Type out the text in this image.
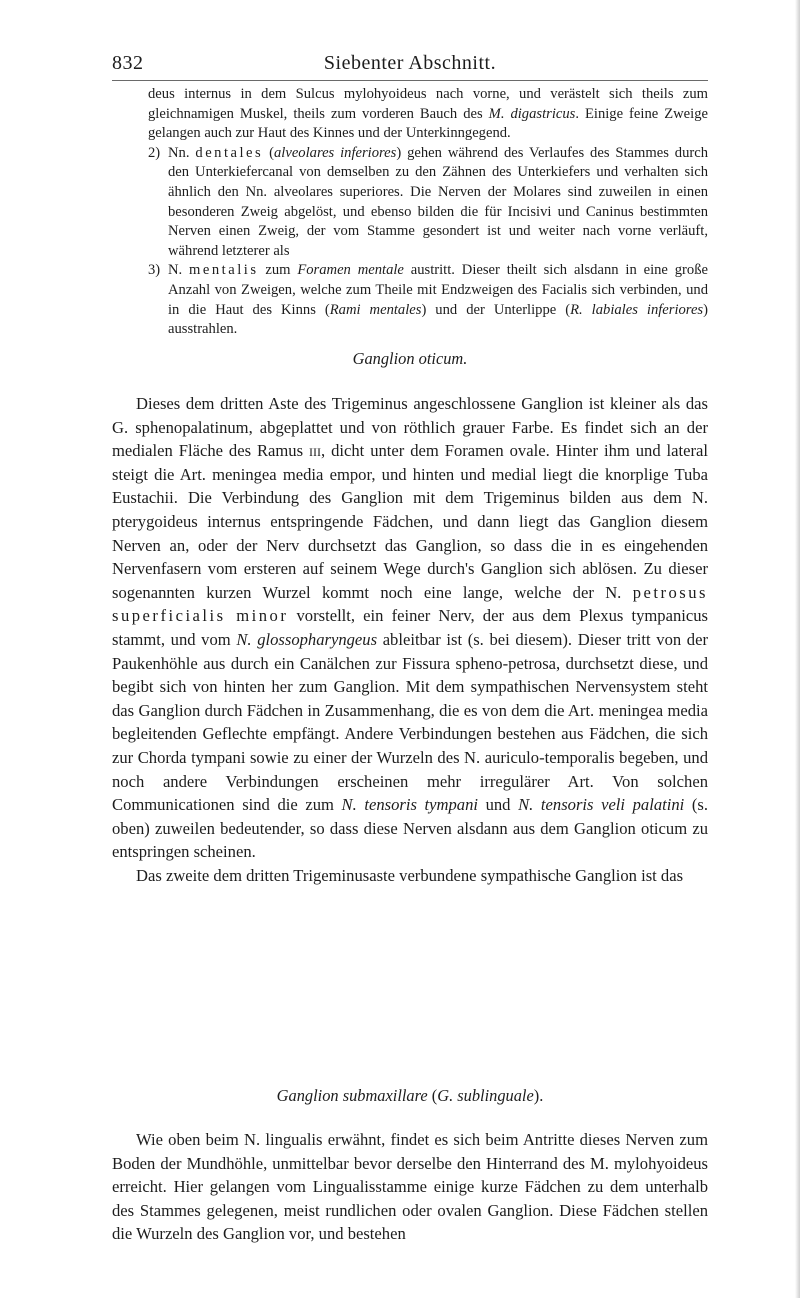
832	Siebenter Abschnitt.

deus internus in dem Sulcus mylohyoideus nach vorne, und verästelt sich theils zum gleichnamigen Muskel, theils zum vorderen Bauch des M. digastricus. Einige feine Zweige gelangen auch zur Haut des Kinnes und der Unterkinngegend.

2) Nn. dentales (alveolares inferiores) gehen während des Verlaufes des Stammes durch den Unterkiefercanal von demselben zu den Zähnen des Unterkiefers und verhalten sich ähnlich den Nn. alveolares superiores. Die Nerven der Molares sind zuweilen in einen besonderen Zweig abgelöst, und ebenso bilden die für Incisivi und Caninus bestimmten Nerven einen Zweig, der vom Stamme gesondert ist und weiter nach vorne verläuft, während letzterer als

3) N. mentalis zum Foramen mentale austritt. Dieser theilt sich alsdann in eine große Anzahl von Zweigen, welche zum Theile mit Endzweigen des Facialis sich verbinden, und in die Haut des Kinns (Rami mentales) und der Unterlippe (R. labiales inferiores) ausstrahlen.

Ganglion oticum.

Dieses dem dritten Aste des Trigeminus angeschlossene Ganglion ist kleiner als das G. sphenopalatinum, abgeplattet und von röthlich grauer Farbe. Es findet sich an der medialen Fläche des Ramus iii, dicht unter dem Foramen ovale. Hinter ihm und lateral steigt die Art. meningea media empor, und hinten und medial liegt die knorplige Tuba Eustachii. Die Verbindung des Ganglion mit dem Trigeminus bilden aus dem N. pterygoideus internus entspringende Fädchen, und dann liegt das Ganglion diesem Nerven an, oder der Nerv durchsetzt das Ganglion, so dass die in es eingehenden Nervenfasern vom ersteren auf seinem Wege durch's Ganglion sich ablösen. Zu dieser sogenannten kurzen Wurzel kommt noch eine lange, welche der N. petrosus superficialis minor vorstellt, ein feiner Nerv, der aus dem Plexus tympanicus stammt, und vom N. glossopharyngeus ableitbar ist (s. bei diesem). Dieser tritt von der Paukenhöhle aus durch ein Canälchen zur Fissura spheno-petrosa, durchsetzt diese, und begibt sich von hinten her zum Ganglion. Mit dem sympathischen Nervensystem steht das Ganglion durch Fädchen in Zusammenhang, die es von dem die Art. meningea media begleitenden Geflechte empfängt. Andere Verbindungen bestehen aus Fädchen, die sich zur Chorda tympani sowie zu einer der Wurzeln des N. auriculo-temporalis begeben, und noch andere Verbindungen erscheinen mehr irregulärer Art. Von solchen Communicationen sind die zum N. tensoris tympani und N. tensoris veli palatini (s. oben) zuweilen bedeutender, so dass diese Nerven alsdann aus dem Ganglion oticum zu entspringen scheinen.

Das zweite dem dritten Trigeminusaste verbundene sympathische Ganglion ist das

Ganglion submaxillare (G. sublinguale).

Wie oben beim N. lingualis erwähnt, findet es sich beim Antritte dieses Nerven zum Boden der Mundhöhle, unmittelbar bevor derselbe den Hinterrand des M. mylohyoideus erreicht. Hier gelangen vom Lingualisstamme einige kurze Fädchen zu dem unterhalb des Stammes gelegenen, meist rundlichen oder ovalen Ganglion. Diese Fädchen stellen die Wurzeln des Ganglion vor, und bestehen
